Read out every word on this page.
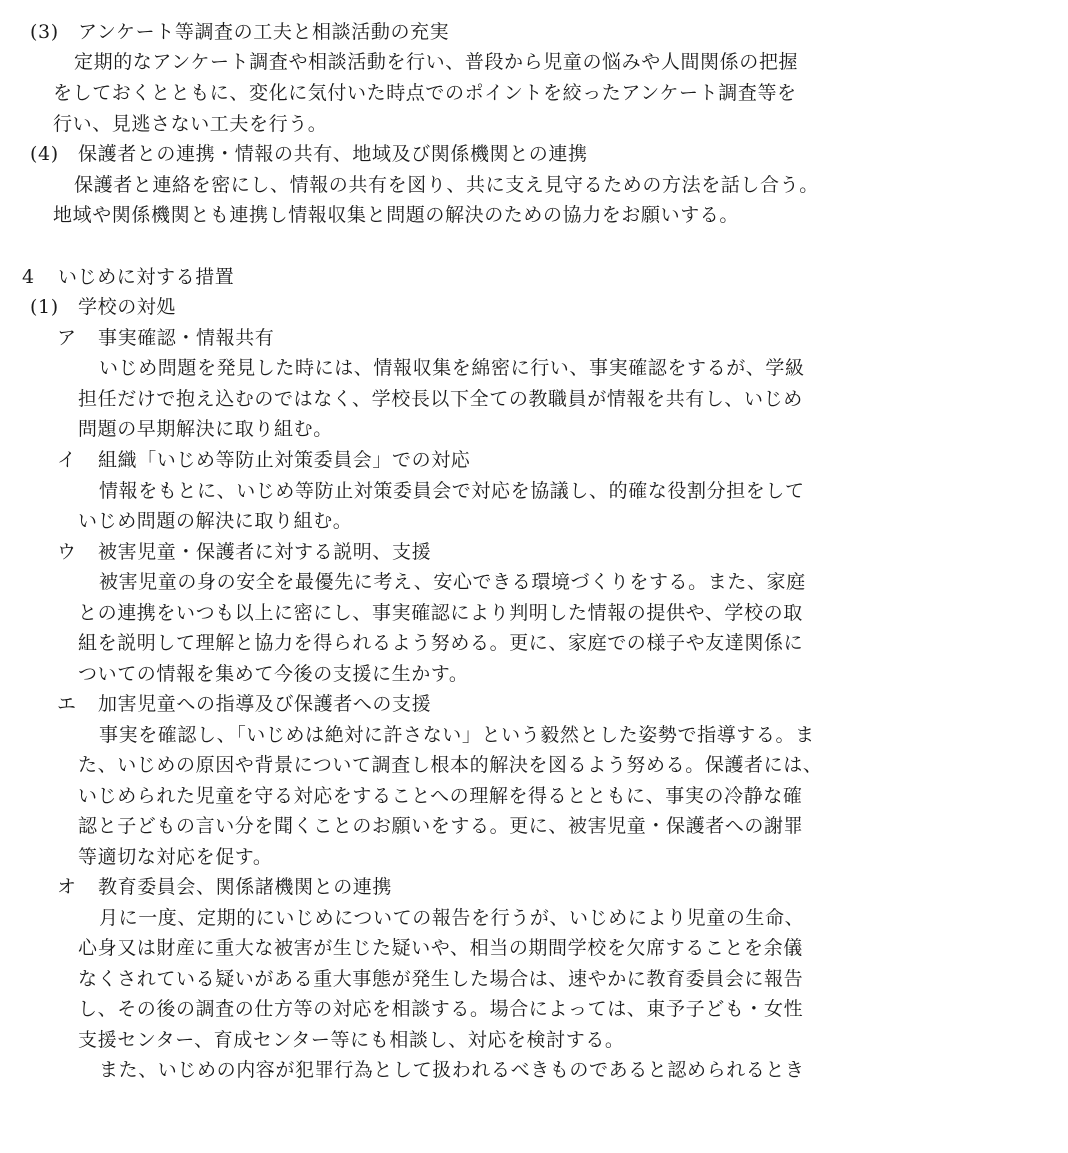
(3) アンケート等調査の工夫と相談活動の充実
定期的なアンケート調査や相談活動を行い、普段から児童の悩みや人間関係の把握
をしておくとともに、変化に気付いた時点でのポイントを絞ったアンケート調査等を
行い、見逃さない工夫を行う。
(4) 保護者との連携・情報の共有、地域及び関係機関との連携
保護者と連絡を密にし、情報の共有を図り、共に支え見守るための方法を話し合う。
地域や関係機関とも連携し情報収集と問題の解決のための協力をお願いする。
4 いじめに対する措置
(1) 学校の対処
ア 事実確認・情報共有
いじめ問題を発見した時には、情報収集を綿密に行い、事実確認をするが、学級
担任だけで抱え込むのではなく、学校長以下全ての教職員が情報を共有し、いじめ
問題の早期解決に取り組む。
イ 組織「いじめ等防止対策委員会」での対応
情報をもとに、いじめ等防止対策委員会で対応を協議し、的確な役割分担をして
いじめ問題の解決に取り組む。
ウ 被害児童・保護者に対する説明、支援
被害児童の身の安全を最優先に考え、安心できる環境づくりをする。また、家庭
との連携をいつも以上に密にし、事実確認により判明した情報の提供や、学校の取
組を説明して理解と協力を得られるよう努める。更に、家庭での様子や友達関係に
ついての情報を集めて今後の支援に生かす。
エ 加害児童への指導及び保護者への支援
事実を確認し、「いじめは絶対に許さない」という毅然とした姿勢で指導する。ま
た、いじめの原因や背景について調査し根本的解決を図るよう努める。保護者には、
いじめられた児童を守る対応をすることへの理解を得るとともに、事実の冷静な確
認と子どもの言い分を聞くことのお願いをする。更に、被害児童・保護者への謝罪
等適切な対応を促す。
オ 教育委員会、関係諸機関との連携
月に一度、定期的にいじめについての報告を行うが、いじめにより児童の生命、
心身又は財産に重大な被害が生じた疑いや、相当の期間学校を欠席することを余儀
なくされている疑いがある重大事態が発生した場合は、速やかに教育委員会に報告
し、その後の調査の仕方等の対応を相談する。場合によっては、東予子ども・女性
支援センター、育成センター等にも相談し、対応を検討する。
また、いじめの内容が犯罪行為として扱われるべきものであると認められるとき
